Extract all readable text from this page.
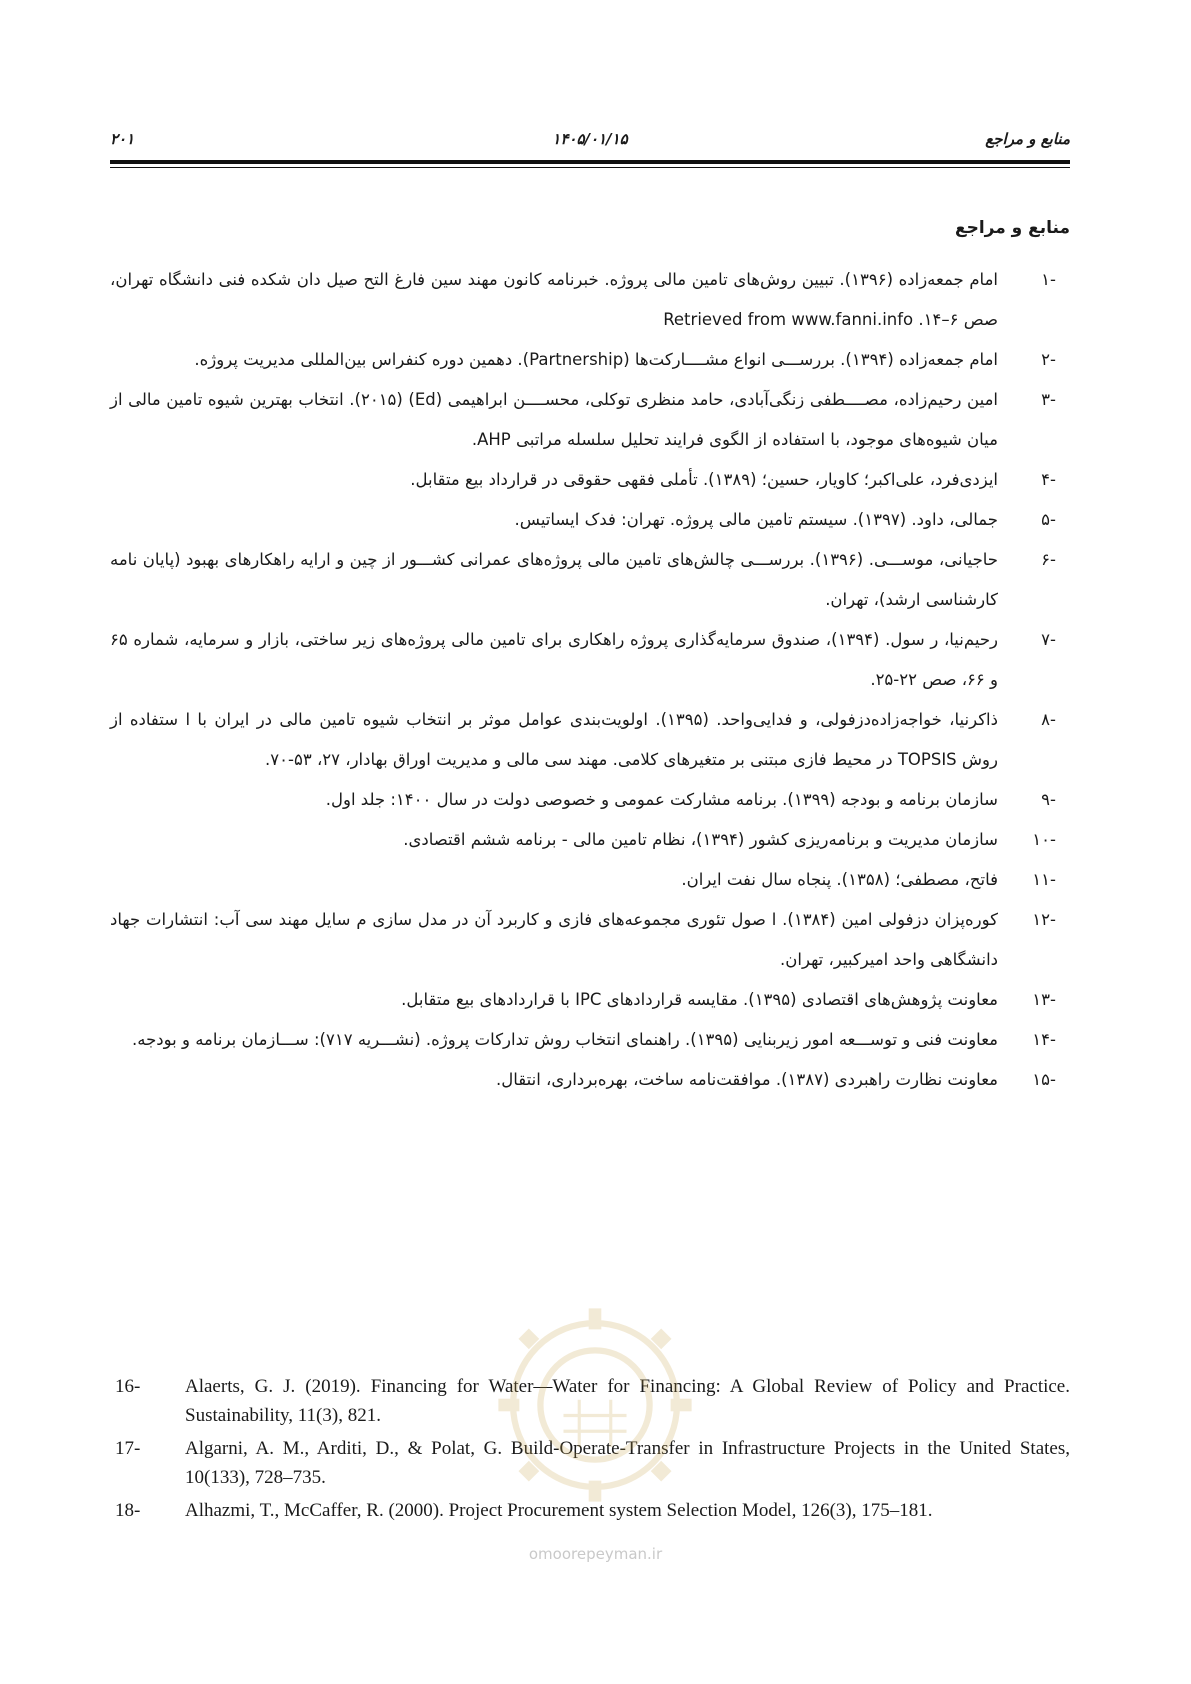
منابع و مراجع
۱۴۰۵/۰۱/۱۵
۲۰۱
منابع و مراجع
-۱
امام جمعه‌زاده (۱۳۹۶). تبیین روش‌های تامین مالی پروژه. خبرنامه کانون مهند سین فارغ التح صیل دان شکده فنی دانشگاه تهران، صص ۶–۱۴. Retrieved from www.fanni.info
-۲
امام جمعه‌زاده (۱۳۹۴). بررســـی انواع مشــــارکت‌ها (Partnership). دهمین دوره کنفراس بین‌المللی مدیریت پروژه.
-۳
امین رحیم‌زاده، مصــــطفی زنگی‌آبادی، حامد منظری توکلی، محســــن ابراهیمی (Ed) (۲۰۱۵). انتخاب بهترین شیوه تامین مالی از میان شیوه‌های موجود، با استفاده از الگوی فرایند تحلیل سلسله مراتبی AHP.
-۴
ایزدی‌فرد، علی‌اکبر؛ کاویار، حسین؛ (۱۳۸۹). تأملی فقهی حقوقی در قرارداد بیع متقابل.
-۵
جمالی، داود. (۱۳۹۷). سیستم تامین مالی پروژه. تهران: فدک ایساتیس.
-۶
حاجیانی، موســـی. (۱۳۹۶). بررســـی چالش‌های تامین مالی پروژه‌های عمرانی کشـــور از چین و ارایه راهکارهای بهبود (پایان نامه کارشناسی ارشد)، تهران.
-۷
رحیم‌نیا، ر سول. (۱۳۹۴)، صندوق سرمایه‌گذاری پروژه راهکاری برای تامین مالی پروژه‌های زیر ساختی، بازار و سرمایه، شماره ۶۵ و ۶۶، صص ۲۲-۲۵.
-۸
ذاکرنیا، خواجه‌زاده‌دزفولی، و فدایی‌واحد. (۱۳۹۵). اولویت‌بندی عوامل موثر بر انتخاب شیوه تامین مالی در ایران با ا ستفاده از روش TOPSIS در محیط فازی مبتنی بر متغیرهای کلامی. مهند سی مالی و مدیریت اوراق بهادار، ۲۷، ۵۳-۷۰.
-۹
سازمان برنامه و بودجه (۱۳۹۹). برنامه مشارکت عمومی و خصوصی دولت در سال ۱۴۰۰: جلد اول.
-۱۰
سازمان مدیریت و برنامه‌ریزی کشور (۱۳۹۴)، نظام تامین مالی - برنامه ششم اقتصادی.
-۱۱
فاتح، مصطفی؛ (۱۳۵۸). پنجاه سال نفت ایران.
-۱۲
کوره‌پزان دزفولی امین (۱۳۸۴). ا صول تئوری مجموعه‌های فازی و کاربرد آن در مدل سازی م سایل مهند سی آب: انتشارات جهاد دانشگاهی واحد امیرکبیر، تهران.
-۱۳
معاونت پژوهش‌های اقتصادی (۱۳۹۵). مقایسه قراردادهای IPC با قراردادهای بیع متقابل.
-۱۴
معاونت فنی و توســـعه امور زیربنایی (۱۳۹۵). راهنمای انتخاب روش تدارکات پروژه. (نشـــریه ۷۱۷): ســـازمان برنامه و بودجه.
-۱۵
معاونت نظارت راهبردی (۱۳۸۷). موافقت‌نامه ساخت، بهره‌برداری، انتقال.
16- Alaerts, G. J. (2019). Financing for Water—Water for Financing: A Global Review of Policy and Practice. Sustainability, 11(3), 821.
17- Algarni, A. M., Arditi, D., & Polat, G. Build-Operate-Transfer in Infrastructure Projects in the United States, 10(133), 728–735.
18- Alhazmi, T., McCaffer, R. (2000). Project Procurement system Selection Model, 126(3), 175–181.
omoorepeyman.ir
